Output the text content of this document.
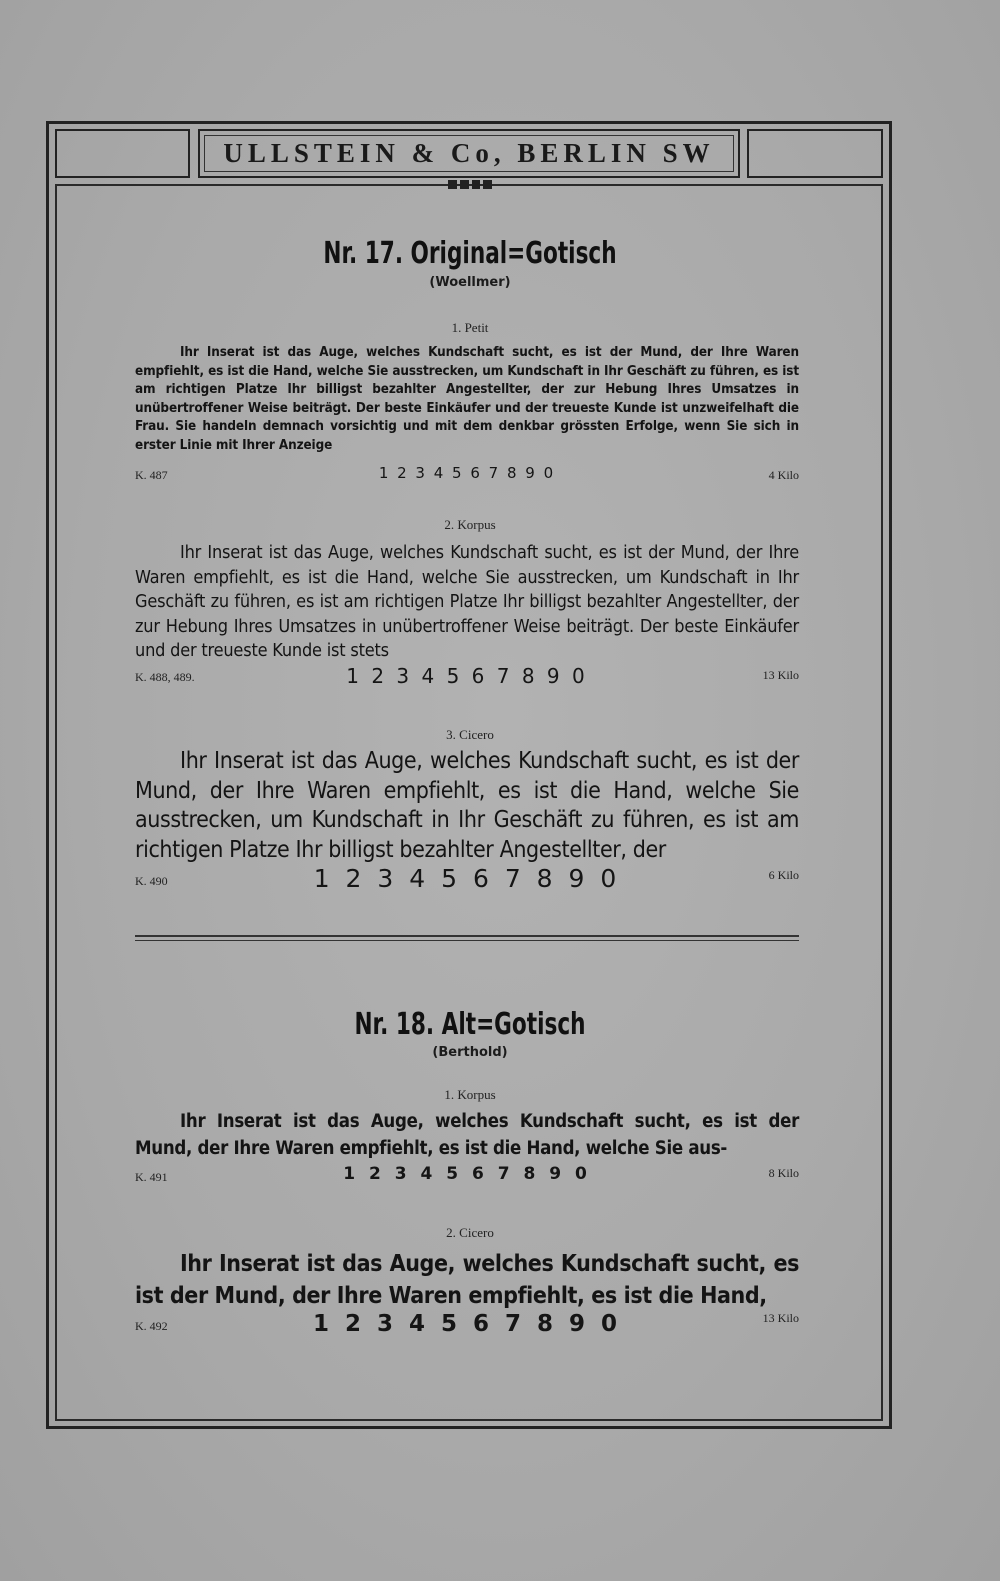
ULLSTEIN & Co, BERLIN SW
Nr. 17. Original=Gotisch
(Woellmer)
1. Petit

Ihr Inserat ist das Auge, welches Kundschaft sucht, es ist der Mund, der Ihre Waren empfiehlt, es ist die Hand, welche Sie ausstrecken, um Kundschaft in Ihr Geschäft zu führen, es ist am richtigen Platze Ihr billigst bezahlter Angestellter, der zur Hebung Ihres Umsatzes in unübertroffener Weise beiträgt. Der beste Einkäufer und der treueste Kunde ist unzweifelhaft die Frau. Sie handeln demnach vorsichtig und mit dem denkbar grössten Erfolge, wenn Sie sich in erster Linie mit Ihrer Anzeige

K. 487	1 2 3 4 5 6 7 8 9 0	4 Kilo
2. Korpus

Ihr Inserat ist das Auge, welches Kundschaft sucht, es ist der Mund, der Ihre Waren empfiehlt, es ist die Hand, welche Sie ausstrecken, um Kundschaft in Ihr Geschäft zu führen, es ist am richtigen Platze Ihr billigst bezahlter Angestellter, der zur Hebung Ihres Umsatzes in unübertroffener Weise beiträgt. Der beste Einkäufer und der treueste Kunde ist stets

K. 488, 489.	1 2 3 4 5 6 7 8 9 0	13 Kilo
3. Cicero

Ihr Inserat ist das Auge, welches Kundschaft sucht, es ist der Mund, der Ihre Waren empfiehlt, es ist die Hand, welche Sie ausstrecken, um Kundschaft in Ihr Geschäft zu führen, es ist am richtigen Platze Ihr billigst bezahlter Angestellter, der

K. 490	1 2 3 4 5 6 7 8 9 0	6 Kilo
Nr. 18. Alt=Gotisch
(Berthold)
1. Korpus

Ihr Inserat ist das Auge, welches Kundschaft sucht, es ist der Mund, der Ihre Waren empfiehlt, es ist die Hand, welche Sie aus-

K. 491	1 2 3 4 5 6 7 8 9 0	8 Kilo
2. Cicero

Ihr Inserat ist das Auge, welches Kundschaft sucht, es ist der Mund, der Ihre Waren empfiehlt, es ist die Hand,

K. 492	1 2 3 4 5 6 7 8 9 0	13 Kilo
